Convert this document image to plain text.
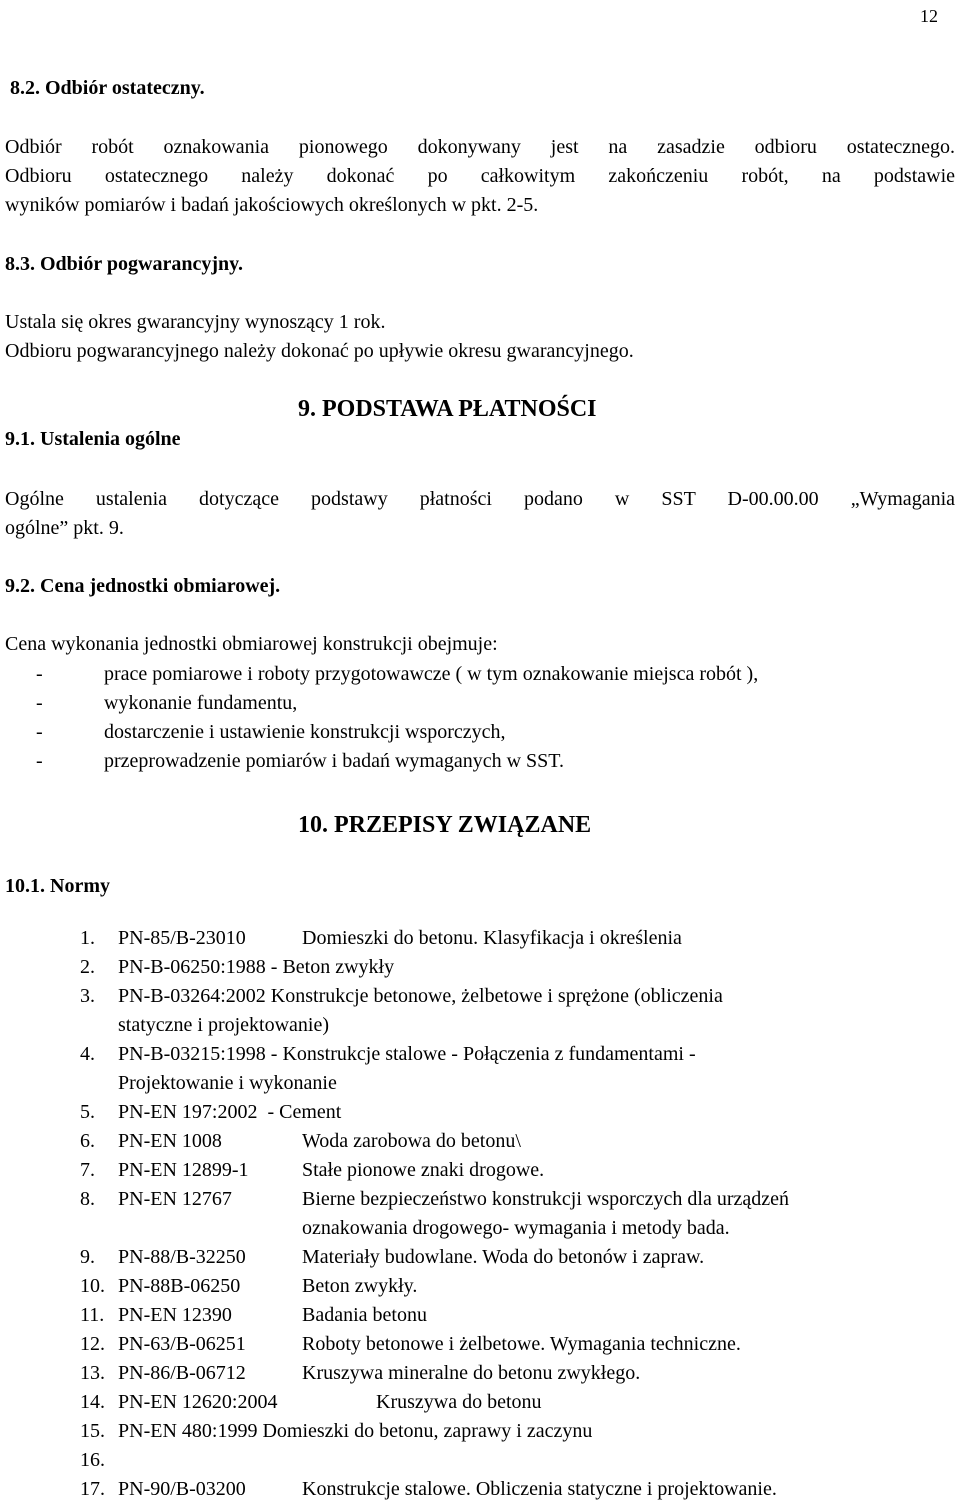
12
8.2. Odbiór ostateczny.
Odbiór robót oznakowania pionowego dokonywany jest na zasadzie odbioru ostatecznego.
Odbioru ostatecznego należy dokonać po całkowitym zakończeniu robót, na podstawie
wyników pomiarów i badań jakościowych określonych w pkt. 2-5.
8.3. Odbiór pogwarancyjny.
Ustala się okres gwarancyjny wynoszący 1 rok.
Odbioru pogwarancyjnego należy dokonać po upływie okresu gwarancyjnego.
9. PODSTAWA PŁATNOŚCI
9.1. Ustalenia ogólne
Ogólne ustalenia dotyczące podstawy płatności podano w SST D-00.00.00 „Wymagania
ogólne” pkt. 9.
9.2. Cena jednostki obmiarowej.
Cena wykonania jednostki obmiarowej konstrukcji obejmuje:
-	prace pomiarowe i roboty przygotowawcze ( w tym oznakowanie miejsca robót ),
-	wykonanie fundamentu,
-	dostarczenie i ustawienie konstrukcji wsporczych,
-	przeprowadzenie pomiarów i badań wymaganych w SST.
10. PRZEPISY ZWIĄZANE
10.1. Normy
1. PN-85/B-23010	Domieszki do betonu. Klasyfikacja i określenia
2. PN-B-06250:1988 - Beton zwykły
3. PN-B-03264:2002 Konstrukcje betonowe, żelbetowe i sprężone (obliczenia
statyczne i projektowanie)
4. PN-B-03215:1998 - Konstrukcje stalowe - Połączenia z fundamentami -
Projektowanie i wykonanie
5. PN-EN 197:2002  - Cement
6. PN-EN 1008	Woda zarobowa do betonu\
7. PN-EN 12899-1	Stałe pionowe znaki drogowe.
8. PN-EN 12767	Bierne bezpieczeństwo konstrukcji wsporczych dla urządzeń
oznakowania drogowego- wymagania i metody bada.
9. PN-88/B-32250	Materiały budowlane. Woda do betonów i zapraw.
10. PN-88B-06250	Beton zwykły.
11. PN-EN 12390	Badania betonu
12. PN-63/B-06251	Roboty betonowe i żelbetowe. Wymagania techniczne.
13. PN-86/B-06712	Kruszywa mineralne do betonu zwykłego.
14. PN-EN 12620:2004	Kruszywa do betonu
15. PN-EN 480:1999 Domieszki do betonu, zaprawy i zaczynu
16.
17. PN-90/B-03200	Konstrukcje stalowe. Obliczenia statyczne i projektowanie.
